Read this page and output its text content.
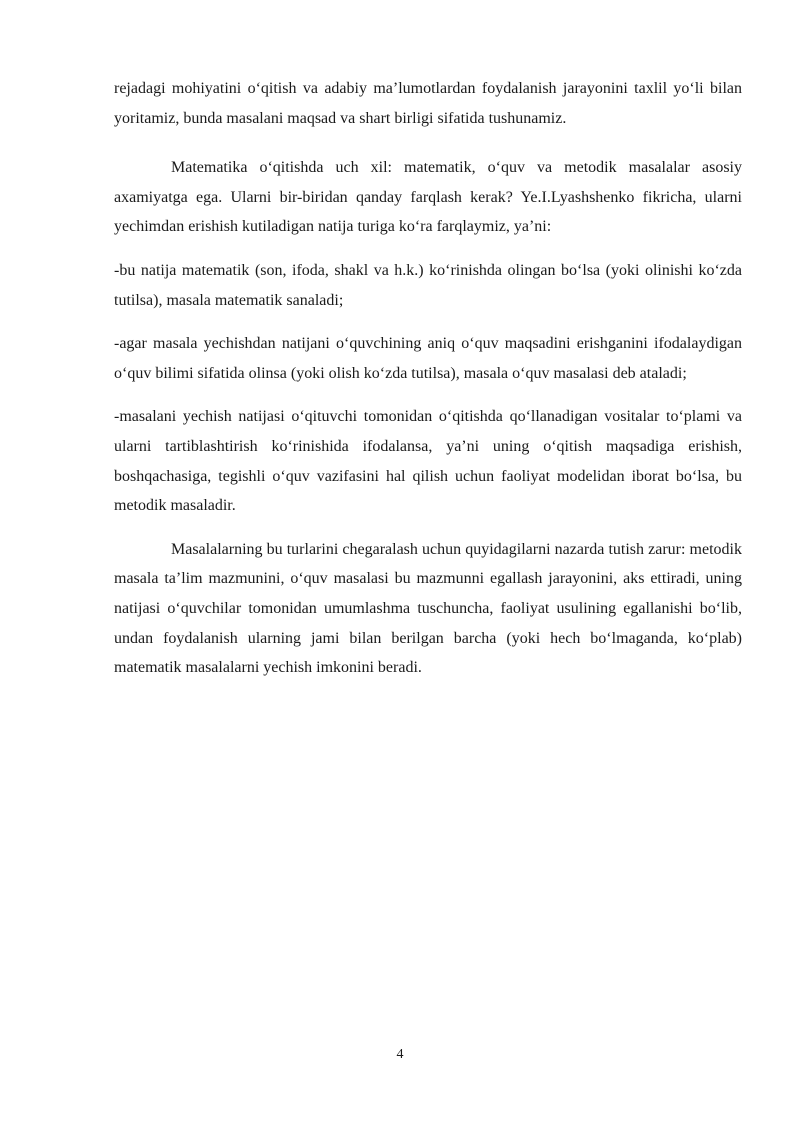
rejadagi mohiyatini o‘qitish va adabiy ma’lumotlardan foydalanish jarayonini taxlil yo‘li bilan yoritamiz, bunda masalani maqsad va shart birligi sifatida tushunamiz.

Matematika o‘qitishda uch xil: matematik, o‘quv va metodik masalalar asosiy axamiyatga ega. Ularni bir-biridan qanday farqlash kerak? Ye.I.Lyashshenko fikricha, ularni yechimdan erishish kutiladigan natija turiga ko‘ra farqlaymiz, ya’ni:

-bu natija matematik (son, ifoda, shakl va h.k.) ko‘rinishda olingan bo‘lsa (yoki olinishi ko‘zda tutilsa), masala matematik sanaladi;

-agar masala yechishdan natijani o‘quvchining aniq o‘quv maqsadini erishganini ifodalaydigan o‘quv bilimi sifatida olinsa (yoki olish ko‘zda tutilsa), masala o‘quv masalasi deb ataladi;

-masalani yechish natijasi o‘qituvchi tomonidan o‘qitishda qo‘llanadigan vositalar to‘plami va ularni tartiblashtirish ko‘rinishida ifodalansa, ya’ni uning o‘qitish maqsadiga erishish, boshqachasiga, tegishli o‘quv vazifasini hal qilish uchun faoliyat modelidan iborat bo‘lsa, bu metodik masaladir.

Masalalarning bu turlarini chegaralash uchun quyidagilarni nazarda tutish zarur: metodik masala ta’lim mazmunini, o‘quv masalasi bu mazmunni egallash jarayonini, aks ettiradi, uning natijasi o‘quvchilar tomonidan umumlashma tuschuncha, faoliyat usulining egallanishi bo‘lib, undan foydalanish ularning jami bilan berilgan barcha (yoki hech bo‘lmaganda, ko‘plab) matematik masalalarni yechish imkonini beradi.

4
